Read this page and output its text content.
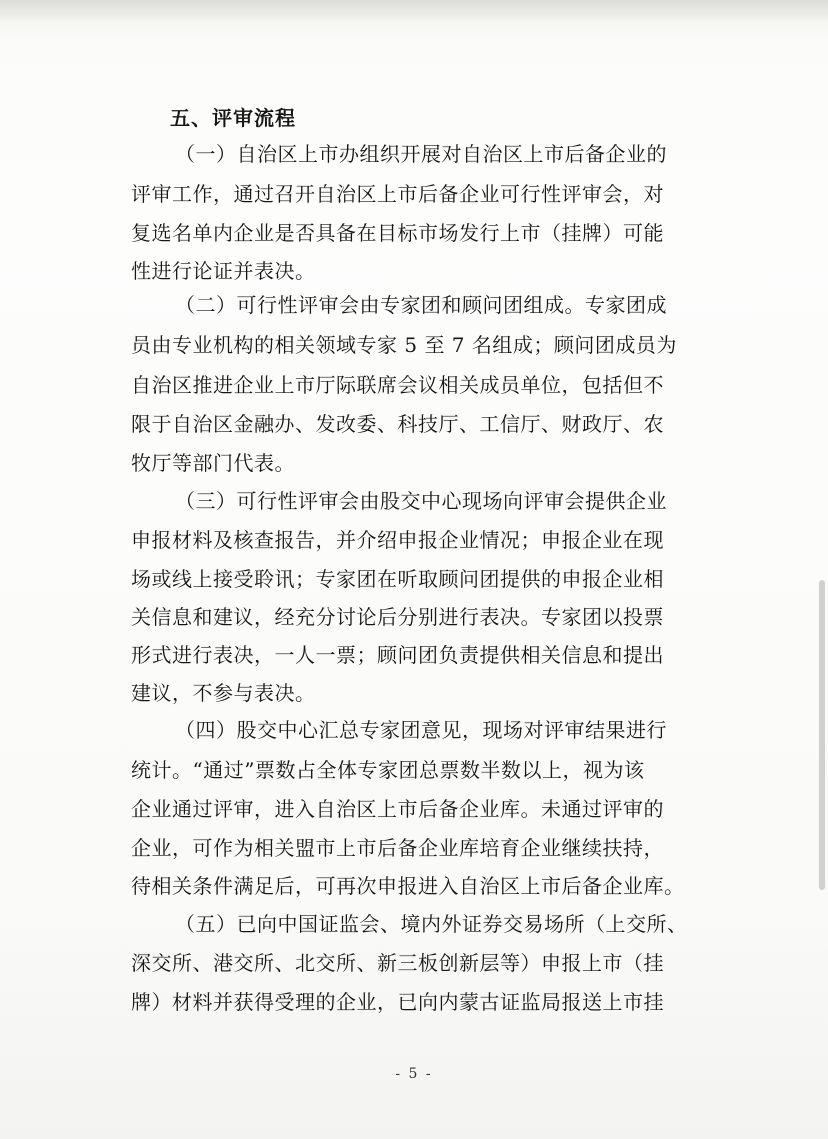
五、评审流程
（一）自治区上市办组织开展对自治区上市后备企业的
评审工作，通过召开自治区上市后备企业可行性评审会，对
复选名单内企业是否具备在目标市场发行上市（挂牌）可能
性进行论证并表决。
（二）可行性评审会由专家团和顾问团组成。专家团成
员由专业机构的相关领域专家 5 至 7 名组成；顾问团成员为
自治区推进企业上市厅际联席会议相关成员单位，包括但不
限于自治区金融办、发改委、科技厅、工信厅、财政厅、农
牧厅等部门代表。
（三）可行性评审会由股交中心现场向评审会提供企业
申报材料及核查报告，并介绍申报企业情况；申报企业在现
场或线上接受聆讯；专家团在听取顾问团提供的申报企业相
关信息和建议，经充分讨论后分别进行表决。专家团以投票
形式进行表决，一人一票；顾问团负责提供相关信息和提出
建议，不参与表决。
（四）股交中心汇总专家团意见，现场对评审结果进行
统计。“通过”票数占全体专家团总票数半数以上，视为该
企业通过评审，进入自治区上市后备企业库。未通过评审的
企业，可作为相关盟市上市后备企业库培育企业继续扶持，
待相关条件满足后，可再次申报进入自治区上市后备企业库。
（五）已向中国证监会、境内外证券交易场所（上交所、
深交所、港交所、北交所、新三板创新层等）申报上市（挂
牌）材料并获得受理的企业，已向内蒙古证监局报送上市挂
- 5 -
